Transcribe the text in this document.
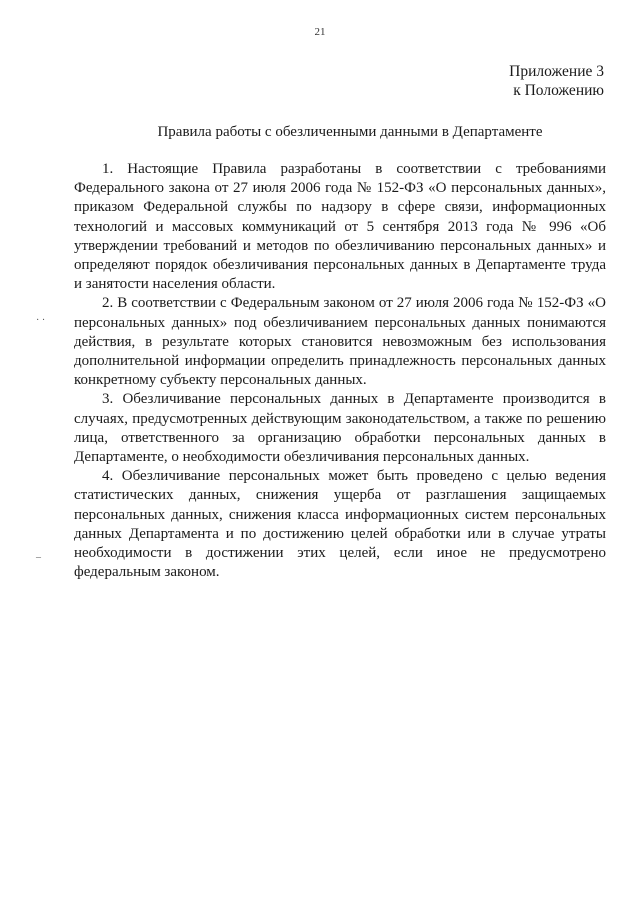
21
Приложение 3
к Положению
Правила работы с обезличенными данными в Департаменте

1. Настоящие Правила разработаны в соответствии с требованиями Федерального закона от 27 июля 2006 года № 152-ФЗ «О персональных данных», приказом Федеральной службы по надзору в сфере связи, информационных технологий и массовых коммуникаций от 5 сентября 2013 года № 996 «Об утверждении требований и методов по обезличиванию персональных данных» и определяют порядок обезличивания персональных данных в Департаменте труда и занятости населения области.

2. В соответствии с Федеральным законом от 27 июля 2006 года № 152-ФЗ «О персональных данных» под обезличиванием персональных данных понимаются действия, в результате которых становится невозможным без использования дополнительной информации определить принадлежность персональных данных конкретному субъекту персональных данных.

3. Обезличивание персональных данных в Департаменте производится в случаях, предусмотренных действующим законодательством, а также по решению лица, ответственного за организацию обработки персональных данных в Департаменте, о необходимости обезличивания персональных данных.

4. Обезличивание персональных может быть проведено с целью ведения статистических данных, снижения ущерба от разглашения защищаемых персональных данных, снижения класса информационных систем персональных данных Департамента и по достижению целей обработки или в случае утраты необходимости в достижении этих целей, если иное не предусмотрено федеральным законом.

· ·
–
